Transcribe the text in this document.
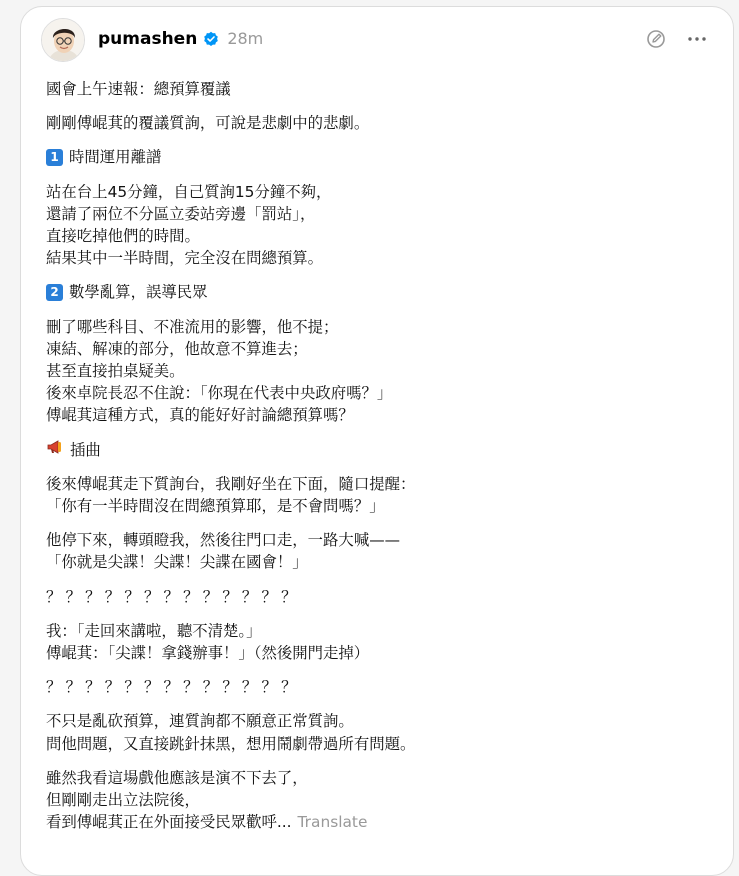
pumashen 28m
國會上午速報：總預算覆議
剛剛傅崐萁的覆議質詢，可說是悲劇中的悲劇。
1 時間運用離譜
站在台上45分鐘，自己質詢15分鐘不夠，
還請了兩位不分區立委站旁邊「罰站」，
直接吃掉他們的時間。
結果其中一半時間，完全沒在問總預算。
2 數學亂算，誤導民眾
刪了哪些科目、不准流用的影響，他不提；
凍結、解凍的部分，他故意不算進去；
甚至直接拍桌疑美。
後來卓院長忍不住說：「你現在代表中央政府嗎？」
傅崐萁這種方式，真的能好好討論總預算嗎？
插曲
後來傅崐萁走下質詢台，我剛好坐在下面，隨口提醒：
「你有一半時間沒在問總預算耶，是不會問嗎？」
他停下來，轉頭瞪我，然後往門口走，一路大喊——
「你就是尖諜！尖諜！尖諜在國會！」
？？？？？？？？？？？？？
我：「走回來講啦，聽不清楚。」
傅崐萁：「尖諜！拿錢辦事！」（然後開門走掉）
？？？？？？？？？？？？？
不只是亂砍預算，連質詢都不願意正常質詢。
問他問題，又直接跳針抹黑，想用鬧劇帶過所有問題。
雖然我看這場戲他應該是演不下去了，
但剛剛走出立法院後，
看到傅崐萁正在外面接受民眾歡呼... Translate
